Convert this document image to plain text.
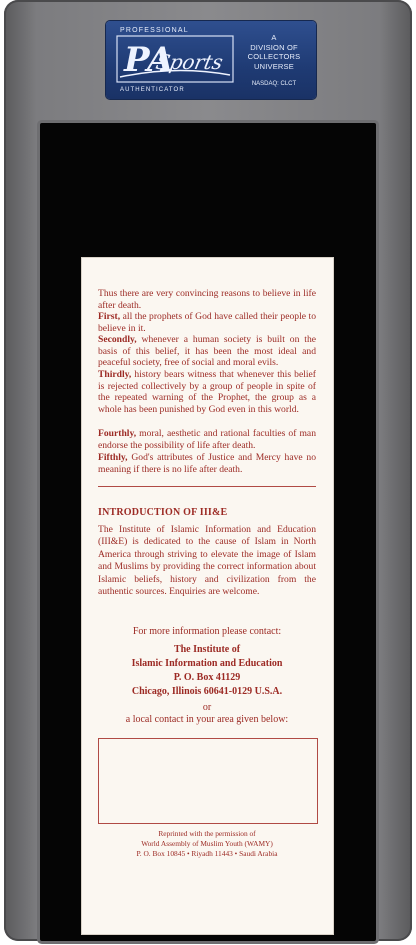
PROFESSIONAL
PA
Sports
AUTHENTICATOR
A
DIVISION OF
COLLECTORS
UNIVERSE
NASDAQ: CLCT

Thus there are very convincing reasons to believe in life after death.

First, all the prophets of God have called their people to believe in it.

Secondly, whenever a human society is built on the basis of this belief, it has been the most ideal and peaceful society, free of social and moral evils.

Thirdly, history bears witness that whenever this belief is rejected collectively by a group of people in spite of the repeated warning of the Prophet, the group as a whole has been punished by God even in this world.

Fourthly, moral, aesthetic and rational faculties of man endorse the possibility of life after death.

Fifthly, God's attributes of Justice and Mercy have no meaning if there is no life after death.

INTRODUCTION OF III&E

The Institute of Islamic Information and Education (III&E) is dedicated to the cause of Islam in North America through striving to elevate the image of Islam and Muslims by providing the correct information about Islamic beliefs, history and civilization from the authentic sources. Enquiries are welcome.

For more information please contact:
The Institute of
Islamic Information and Education
P. O. Box 41129
Chicago, Illinois 60641-0129 U.S.A.
or
a local contact in your area given below:
Reprinted with the permission of
World Assembly of Muslim Youth (WAMY)
P. O. Box 10845 • Riyadh 11443 • Saudi Arabia
